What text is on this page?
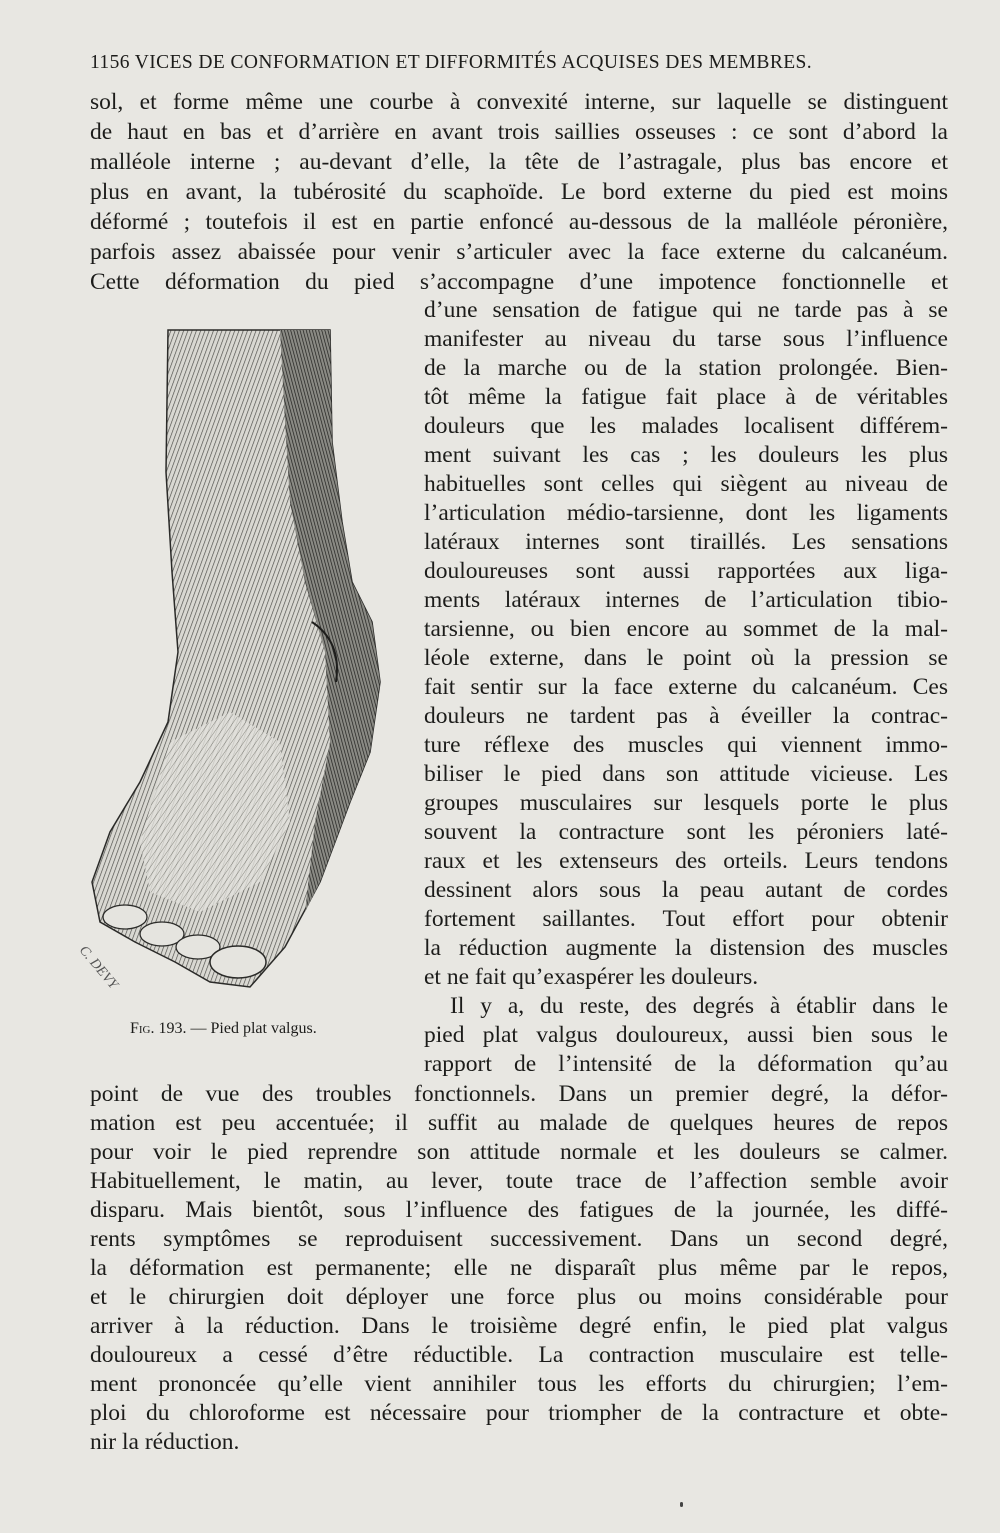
1156 VICES DE CONFORMATION ET DIFFORMITÉS ACQUISES DES MEMBRES.
sol, et forme même une courbe à convexité interne, sur laquelle se distinguent
de haut en bas et d’arrière en avant trois saillies osseuses : ce sont d’abord la
malléole interne ; au-devant d’elle, la tête de l’astragale, plus bas encore et
plus en avant, la tubérosité du scaphoïde. Le bord externe du pied est moins
déformé ; toutefois il est en partie enfoncé au-dessous de la malléole péronière,
parfois assez abaissée pour venir s’articuler avec la face externe du calcanéum.
Cette déformation du pied s’accompagne d’une impotence fonctionnelle et
d’une sensation de fatigue qui ne tarde pas à se
manifester au niveau du tarse sous l’influence
de la marche ou de la station prolongée. Bien-
tôt même la fatigue fait place à de véritables
douleurs que les malades localisent différem-
ment suivant les cas ; les douleurs les plus
habituelles sont celles qui siègent au niveau de
l’articulation médio-tarsienne, dont les ligaments
latéraux internes sont tiraillés. Les sensations
douloureuses sont aussi rapportées aux liga-
ments latéraux internes de l’articulation tibio-
tarsienne, ou bien encore au sommet de la mal-
léole externe, dans le point où la pression se
fait sentir sur la face externe du calcanéum. Ces
douleurs ne tardent pas à éveiller la contrac-
ture réflexe des muscles qui viennent immo-
biliser le pied dans son attitude vicieuse. Les
groupes musculaires sur lesquels porte le plus
souvent la contracture sont les péroniers laté-
raux et les extenseurs des orteils. Leurs tendons
dessinent alors sous la peau autant de cordes
fortement saillantes. Tout effort pour obtenir
la réduction augmente la distension des muscles
et ne fait qu’exaspérer les douleurs.
Il y a, du reste, des degrés à établir dans le
pied plat valgus douloureux, aussi bien sous le
rapport de l’intensité de la déformation qu’au
point de vue des troubles fonctionnels. Dans un premier degré, la défor-
mation est peu accentuée; il suffit au malade de quelques heures de repos
pour voir le pied reprendre son attitude normale et les douleurs se calmer.
Habituellement, le matin, au lever, toute trace de l’affection semble avoir
disparu. Mais bientôt, sous l’influence des fatigues de la journée, les diffé-
rents symptômes se reproduisent successivement. Dans un second degré,
la déformation est permanente; elle ne disparaît plus même par le repos,
et le chirurgien doit déployer une force plus ou moins considérable pour
arriver à la réduction. Dans le troisième degré enfin, le pied plat valgus
douloureux a cessé d’être réductible. La contraction musculaire est telle-
ment prononcée qu’elle vient annihiler tous les efforts du chirurgien; l’em-
ploi du chloroforme est nécessaire pour triompher de la contracture et obte-
nir la réduction.
C. DEVY
Fig. 193. — Pied plat valgus.
